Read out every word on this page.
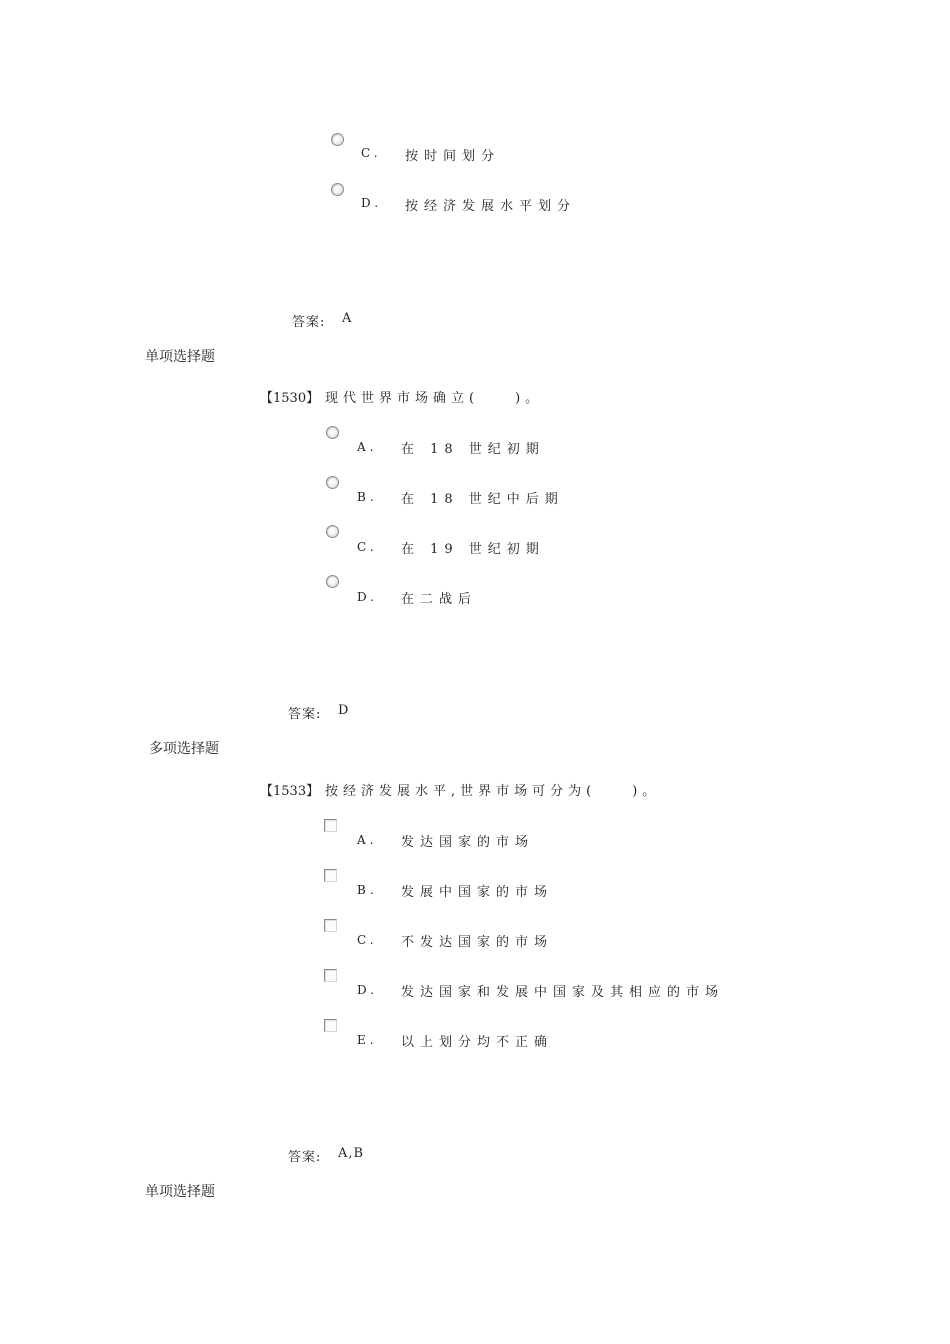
C. 按时间划分
D. 按经济发展水平划分
答案: A
单项选择题
【1530】 现代世界市场确立(　　)。
A. 在 18 世纪初期
B. 在 18 世纪中后期
C. 在 19 世纪初期
D. 在二战后
答案: D
多项选择题
【1533】 按经济发展水平,世界市场可分为(　　)。
A. 发达国家的市场
B. 发展中国家的市场
C. 不发达国家的市场
D. 发达国家和发展中国家及其相应的市场
E. 以上划分均不正确
答案: A,B
单项选择题
